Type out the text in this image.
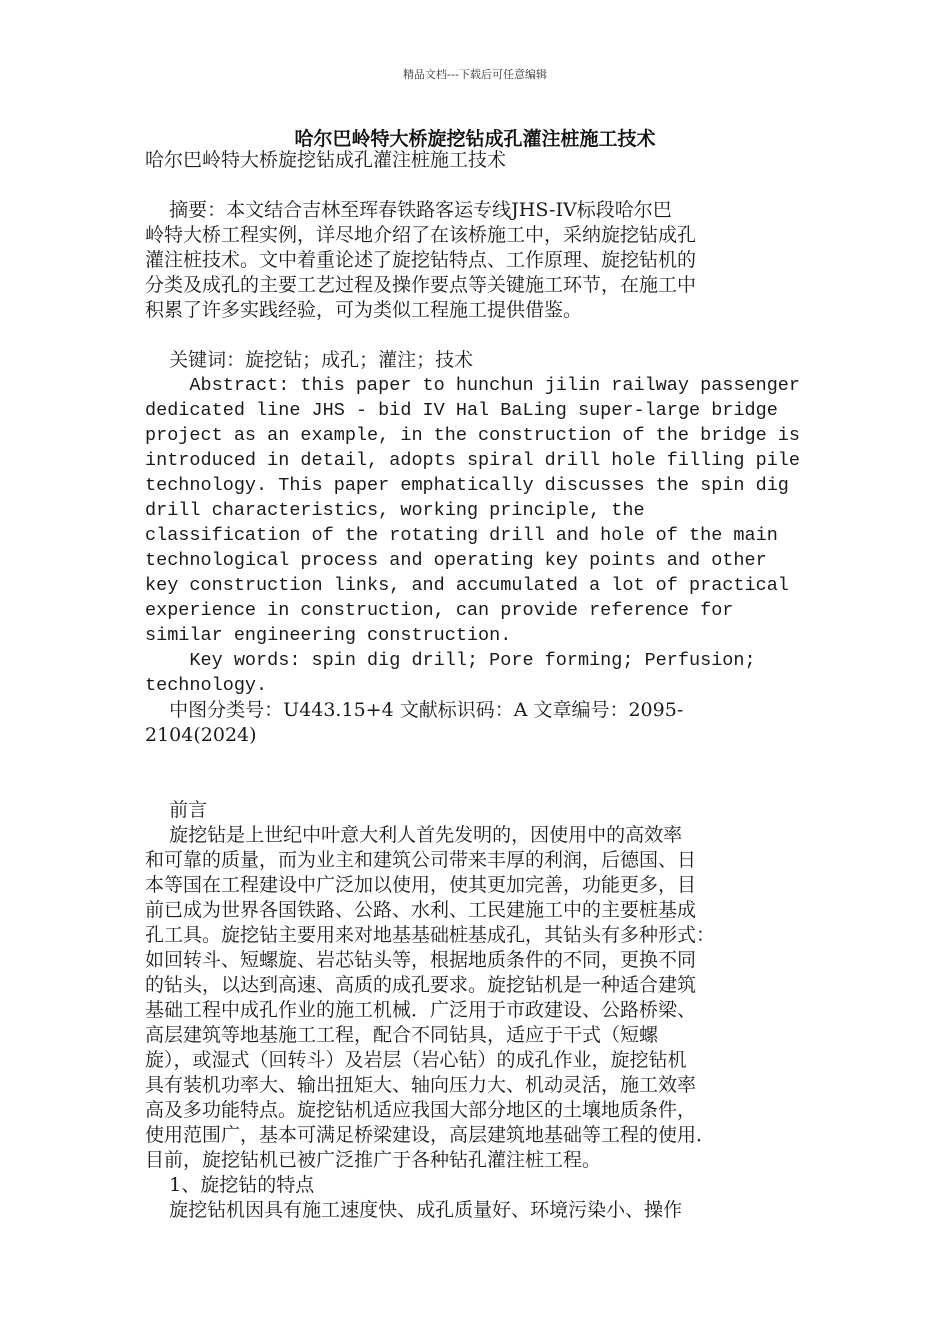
精品文档---下载后可任意编辑
哈尔巴岭特大桥旋挖钻成孔灌注桩施工技术
哈尔巴岭特大桥旋挖钻成孔灌注桩施工技术
摘要：本文结合吉林至珲春铁路客运专线JHS-IV标段哈尔巴
岭特大桥工程实例，详尽地介绍了在该桥施工中，采纳旋挖钻成孔
灌注桩技术。文中着重论述了旋挖钻特点、工作原理、旋挖钻机的
分类及成孔的主要工艺过程及操作要点等关键施工环节，在施工中
积累了许多实践经验，可为类似工程施工提供借鉴。
关键词：旋挖钻；成孔；灌注；技术
Abstract: this paper to hunchun jilin railway passenger
dedicated line JHS - bid IV Hal BaLing super-large bridge
project as an example, in the construction of the bridge is
introduced in detail, adopts spiral drill hole filling pile
technology. This paper emphatically discusses the spin dig
drill characteristics, working principle, the
classification of the rotating drill and hole of the main
technological process and operating key points and other
key construction links, and accumulated a lot of practical
experience in construction, can provide reference for
similar engineering construction.
Key words: spin dig drill; Pore forming; Perfusion;
technology.
中图分类号：U443.15+4 文献标识码：A 文章编号：2095-
2104(2024)
前言
旋挖钻是上世纪中叶意大利人首先发明的，因使用中的高效率
和可靠的质量，而为业主和建筑公司带来丰厚的利润，后德国、日
本等国在工程建设中广泛加以使用，使其更加完善，功能更多，目
前已成为世界各国铁路、公路、水利、工民建施工中的主要桩基成
孔工具。旋挖钻主要用来对地基基础桩基成孔，其钻头有多种形式：
如回转斗、短螺旋、岩芯钻头等，根据地质条件的不同，更换不同
的钻头，以达到高速、高质的成孔要求。旋挖钻机是一种适合建筑
基础工程中成孔作业的施工机械．广泛用于市政建设、公路桥梁、
高层建筑等地基施工工程，配合不同钻具，适应于干式（短螺
旋），或湿式（回转斗）及岩层（岩心钻）的成孔作业，旋挖钻机
具有装机功率大、输出扭矩大、轴向压力大、机动灵活，施工效率
高及多功能特点。旋挖钻机适应我国大部分地区的土壤地质条件，
使用范围广，基本可满足桥梁建设，高层建筑地基础等工程的使用．
目前，旋挖钻机已被广泛推广于各种钻孔灌注桩工程。
1、旋挖钻的特点
旋挖钻机因具有施工速度快、成孔质量好、环境污染小、操作
